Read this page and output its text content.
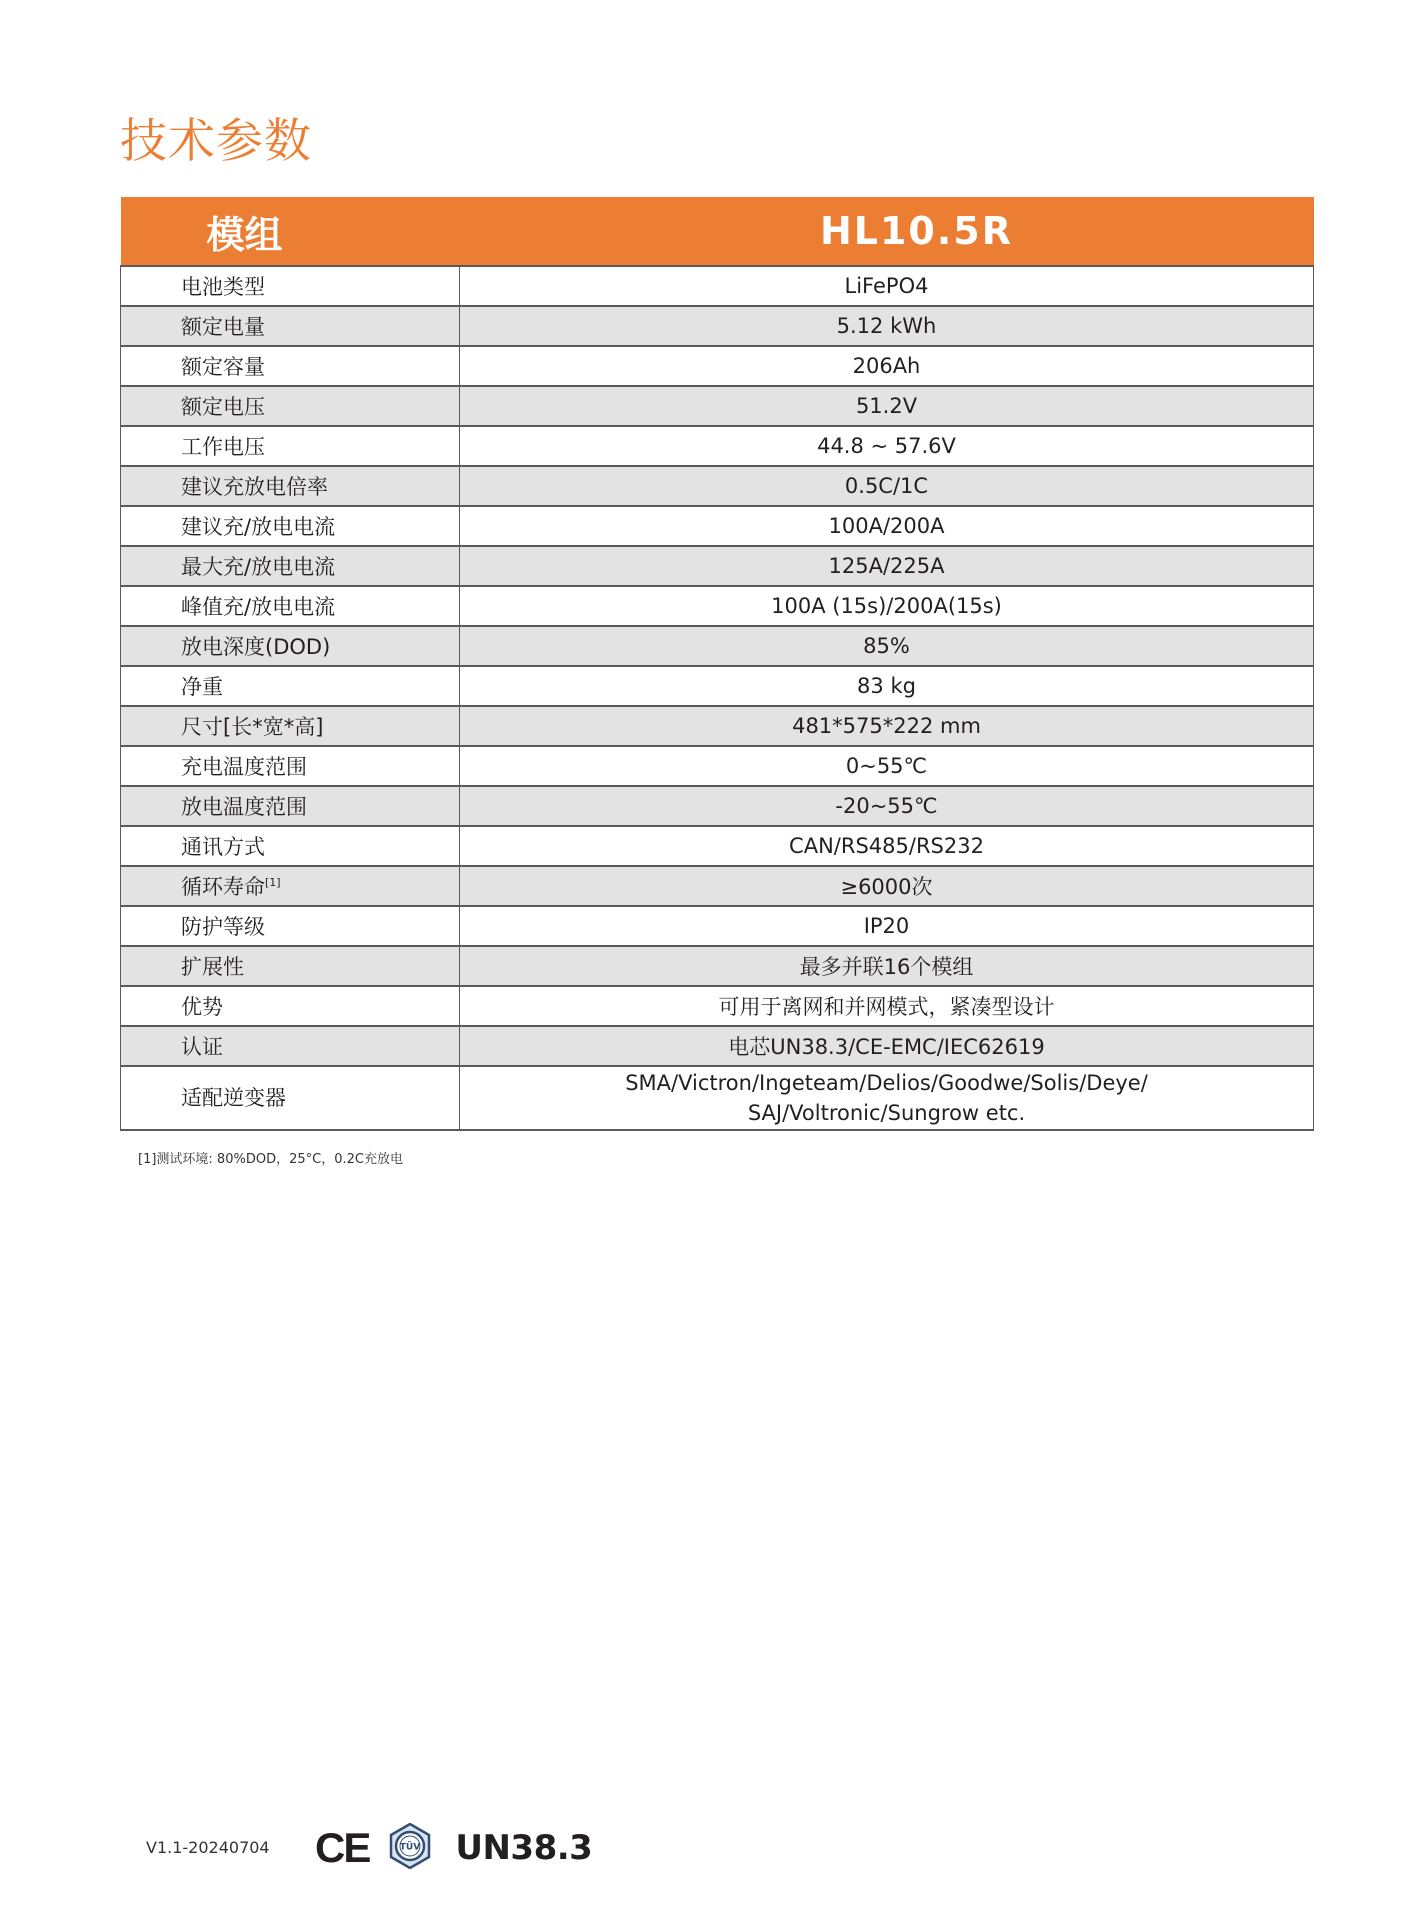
技术参数
模组	HL10.5R
电池类型	LiFePO4

额定电量	5.12 kWh

额定容量	206Ah

额定电压	51.2V

工作电压	44.8 ~ 57.6V

建议充放电倍率	0.5C/1C

建议充/放电电流	100A/200A

最大充/放电电流	125A/225A

峰值充/放电电流	100A (15s)/200A(15s)

放电深度(DOD)	85%

净重	83 kg

尺寸[长*宽*高]	481*575*222 mm

充电温度范围	0~55℃

放电温度范围	-20~55℃

通讯方式	CAN/RS485/RS232

循环寿命[1]	≥6000次

防护等级	IP20

扩展性	最多并联16个模组

优势	可用于离网和并网模式，紧凑型设计

认证	电芯UN38.3/CE-EMC/IEC62619

适配逆变器	SMA/Victron/Ingeteam/Delios/Goodwe/Solis/Deye/
SAJ/Voltronic/Sungrow etc.
[1]测试环境: 80%DOD，25°C，0.2C充放电
V1.1-20240704 CE	TÜV UN38.3
